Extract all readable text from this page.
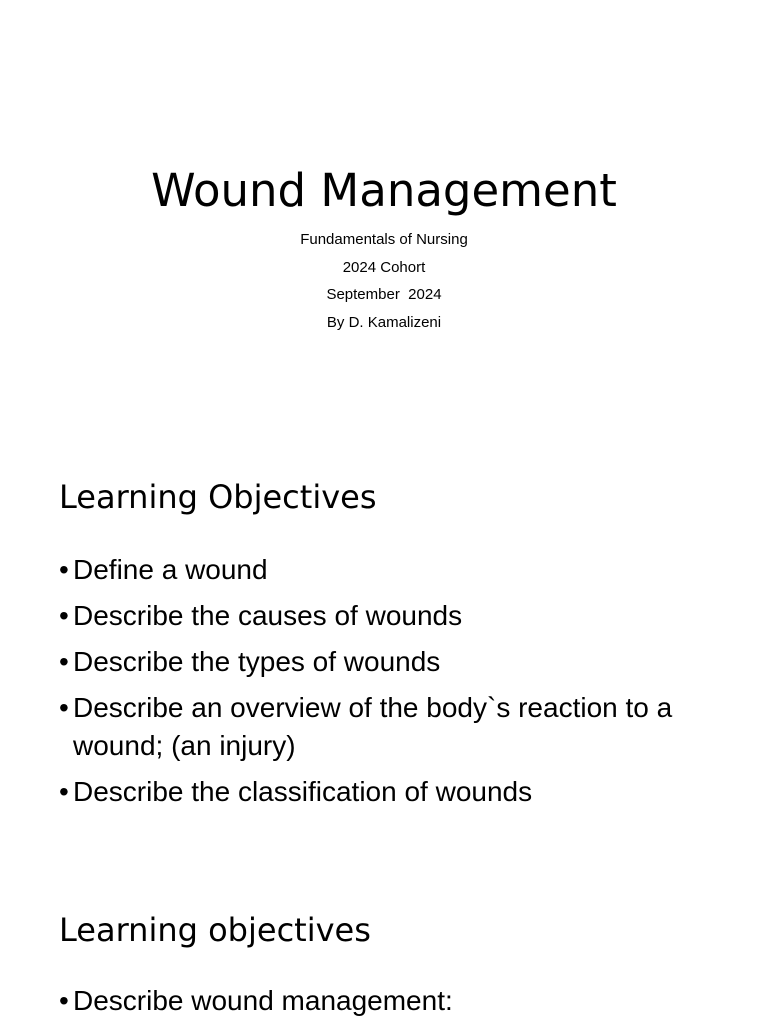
Wound Management
Fundamentals of Nursing
2024 Cohort
September  2024
By D. Kamalizeni
Learning Objectives
• Define a wound
• Describe the causes of wounds
• Describe the types of wounds
• Describe an overview of the body`s reaction to a wound; (an injury)
• Describe the classification of wounds
Learning objectives
• Describe wound management:
